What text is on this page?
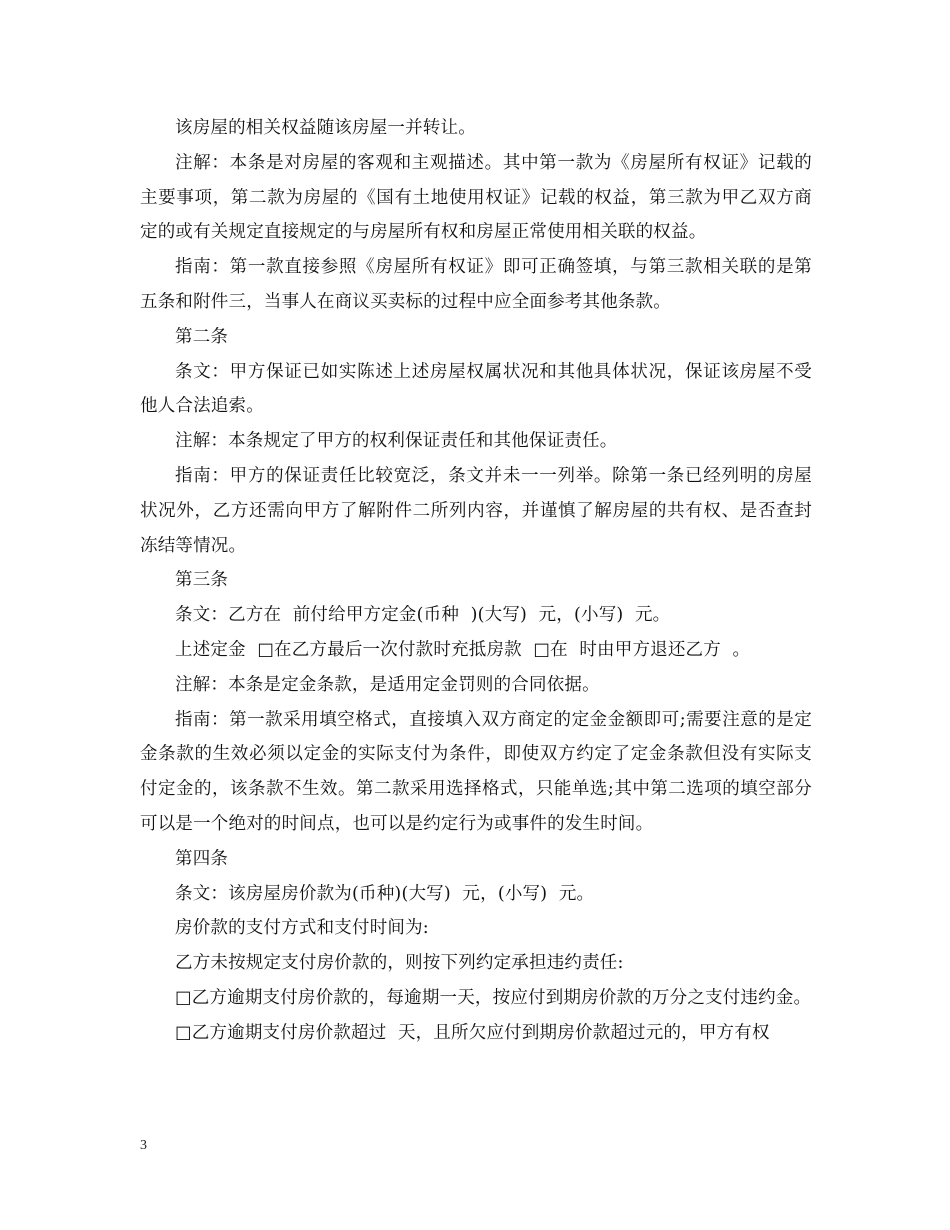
该房屋的相关权益随该房屋一并转让。

注解：本条是对房屋的客观和主观描述。其中第一款为《房屋所有权证》记载的主要事项，第二款为房屋的《国有土地使用权证》记载的权益，第三款为甲乙双方商定的或有关规定直接规定的与房屋所有权和房屋正常使用相关联的权益。

指南：第一款直接参照《房屋所有权证》即可正确签填，与第三款相关联的是第五条和附件三，当事人在商议买卖标的过程中应全面参考其他条款。

第二条

条文：甲方保证已如实陈述上述房屋权属状况和其他具体状况，保证该房屋不受他人合法追索。

注解：本条规定了甲方的权利保证责任和其他保证责任。

指南：甲方的保证责任比较宽泛，条文并未一一列举。除第一条已经列明的房屋状况外，乙方还需向甲方了解附件二所列内容，并谨慎了解房屋的共有权、是否查封冻结等情况。

第三条

条文：乙方在  前付给甲方定金(币种  )(大写)  元，(小写)  元。

上述定金  □在乙方最后一次付款时充抵房款  □在  时由甲方退还乙方  。

注解：本条是定金条款，是适用定金罚则的合同依据。

指南：第一款采用填空格式，直接填入双方商定的定金金额即可;需要注意的是定金条款的生效必须以定金的实际支付为条件，即使双方约定了定金条款但没有实际支付定金的，该条款不生效。第二款采用选择格式，只能单选;其中第二选项的填空部分可以是一个绝对的时间点，也可以是约定行为或事件的发生时间。

第四条

条文：该房屋房价款为(币种)(大写)  元，(小写)  元。

房价款的支付方式和支付时间为:

乙方未按规定支付房价款的，则按下列约定承担违约责任:

□乙方逾期支付房价款的，每逾期一天，按应付到期房价款的万分之支付违约金。

□乙方逾期支付房价款超过  天，且所欠应付到期房价款超过元的，甲方有权

3
